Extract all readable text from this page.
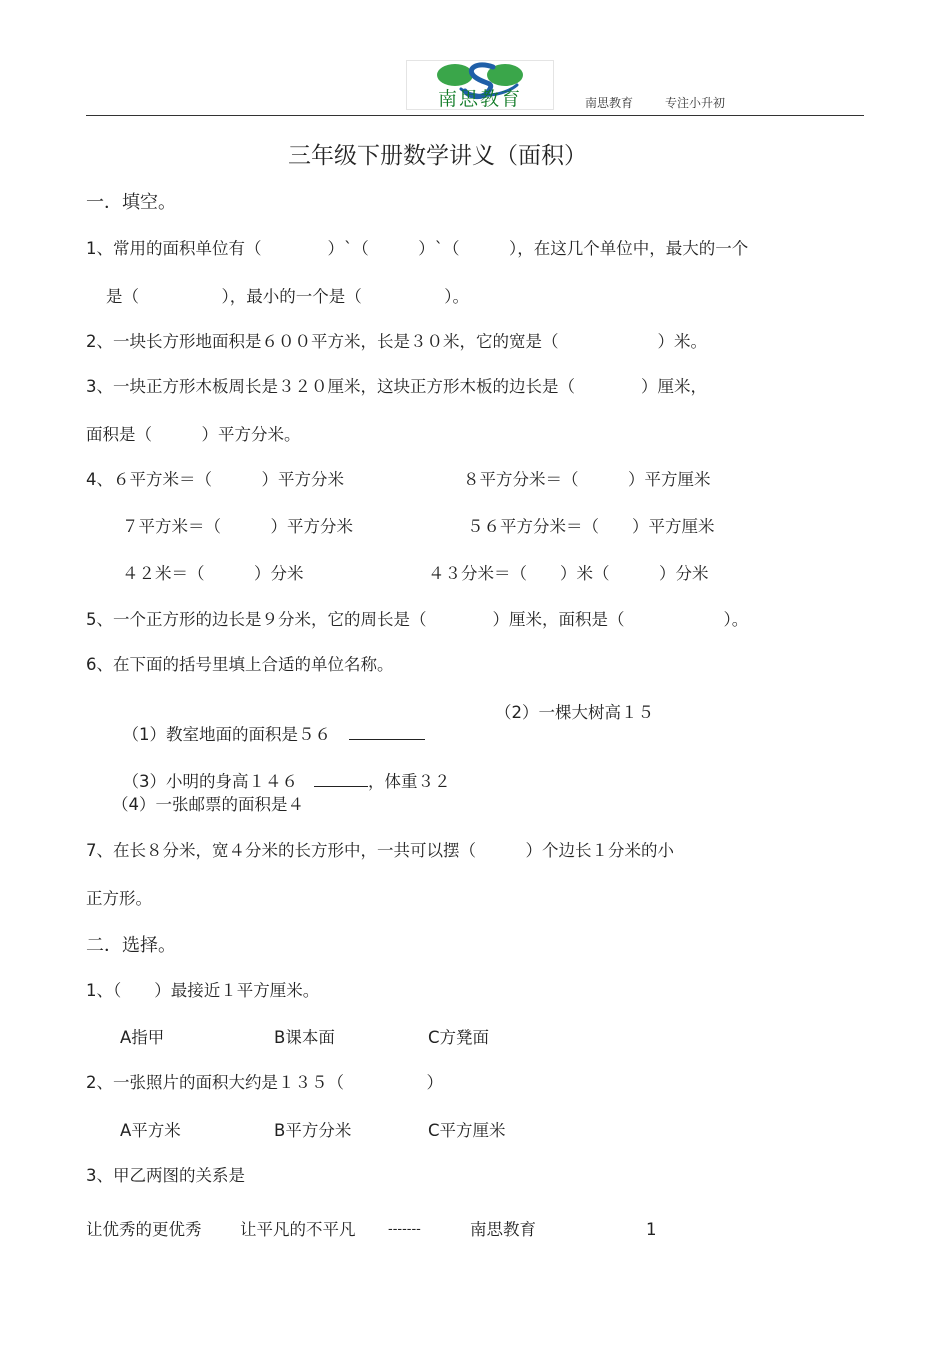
南思教育	南思教育	专注小升初
三年级下册数学讲义（面积）
一．填空。
1、常用的面积单位有（　　　　）`（　　　）`（　　　），在这几个单位中，最大的一个
是（　　　　　），最小的一个是（　　　　　）。
2、一块长方形地面积是６００平方米，长是３０米，它的宽是（　　　　　　）米。
3、一块正方形木板周长是３２０厘米，这块正方形木板的边长是（　　　　）厘米，
面积是（　　　）平方分米。
4、６平方米＝（　　　）平方分米	８平方分米＝（　　　）平方厘米
７平方米＝（　　　）平方分米	５６平方分米＝（　　）平方厘米
４２米＝（　　　）分米	４３分米＝（　　）米（　　　）分米
5、一个正方形的边长是９分米，它的周长是（　　　　）厘米，面积是（　　　　　　）。
6、在下面的括号里填上合适的单位名称。

（1）教室地面的面积是５６

（2）一棵大树高１５

（3）小明的身高１４６	，体重３２

（4）一张邮票的面积是４
7、在长８分米，宽４分米的长方形中，一共可以摆（　　　）个边长１分米的小
正方形。
二．选择。
1、（　　）最接近１平方厘米。
A指甲	B课本面	C方凳面
2、一张照片的面积大约是１３５（　　　　　）
A平方米	B平方分米	C平方厘米
3、甲乙两图的关系是
让优秀的更优秀 让平凡的不平凡	-------	南思教育	1
